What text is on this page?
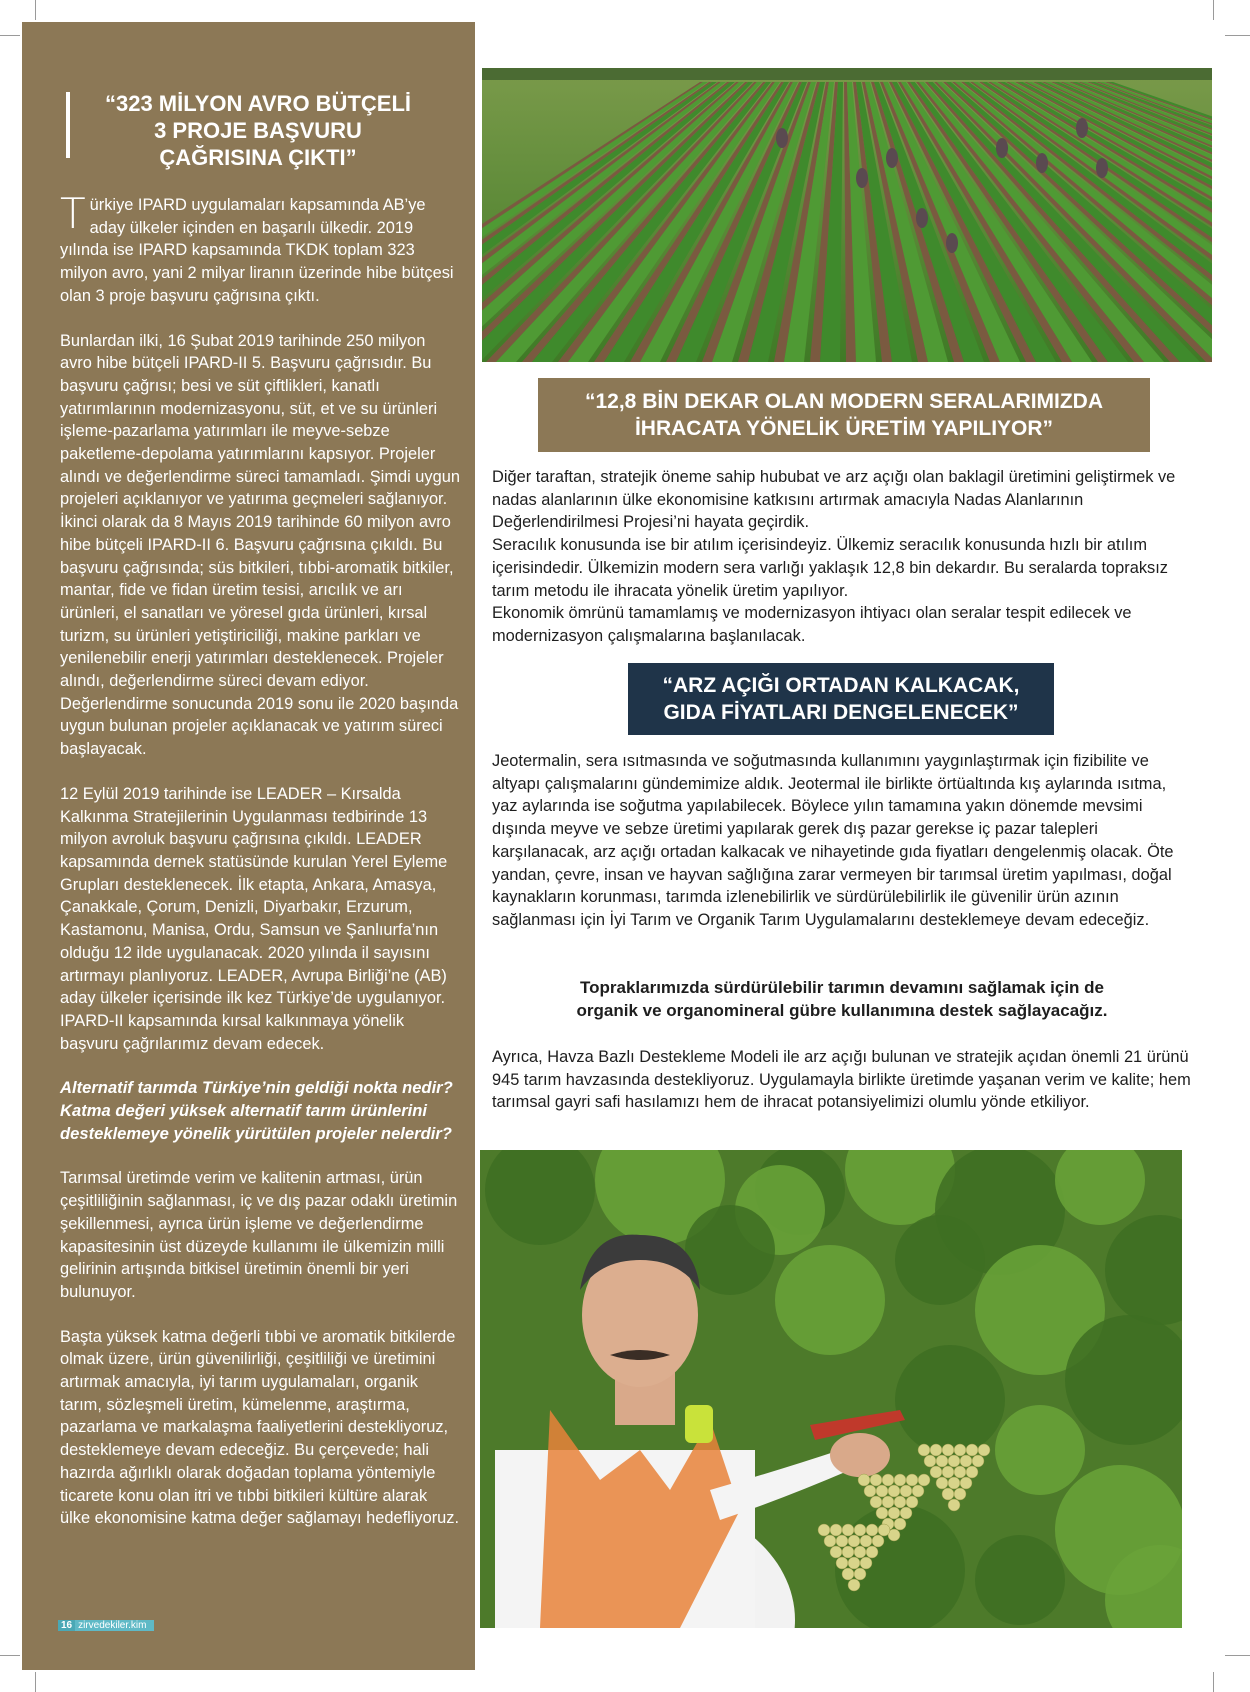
“323 MİLYON AVRO BÜTÇELİ
3 PROJE BAŞVURU
ÇAĞRISINA ÇIKTI”

Türkiye IPARD uygulamaları kapsamında AB’ye aday ülkeler içinden en başarılı ülkedir. 2019 yılında ise IPARD kapsamında TKDK toplam 323 milyon avro, yani 2 milyar liranın üzerinde hibe bütçesi olan 3 proje başvuru çağrısına çıktı.

Bunlardan ilki, 16 Şubat 2019 tarihinde 250 milyon avro hibe bütçeli IPARD-II 5. Başvuru çağrısıdır. Bu başvuru çağrısı; besi ve süt çiftlikleri, kanatlı yatırımlarının modernizasyonu, süt, et ve su ürünleri işleme-pazarlama yatırımları ile meyve-sebze paketleme-depolama yatırımlarını kapsıyor. Projeler alındı ve değerlendirme süreci tamamladı. Şimdi uygun projeleri açıklanıyor ve yatırıma geçmeleri sağlanıyor. İkinci olarak da 8 Mayıs 2019 tarihinde 60 milyon avro hibe bütçeli IPARD-II 6. Başvuru çağrısına çıkıldı. Bu başvuru çağrısında; süs bitkileri, tıbbi-aromatik bitkiler, mantar, fide ve fidan üretim tesisi, arıcılık ve arı ürünleri, el sanatları ve yöresel gıda ürünleri, kırsal turizm, su ürünleri yetiştiriciliği, makine parkları ve yenilenebilir enerji yatırımları desteklenecek. Projeler alındı, değerlendirme süreci devam ediyor. Değerlendirme sonucunda 2019 sonu ile 2020 başında uygun bulunan projeler açıklanacak ve yatırım süreci başlayacak.

12 Eylül 2019 tarihinde ise LEADER – Kırsalda Kalkınma Stratejilerinin Uygulanması tedbirinde 13 milyon avroluk başvuru çağrısına çıkıldı. LEADER kapsamında dernek statüsünde kurulan Yerel Eyleme Grupları desteklenecek. İlk etapta, Ankara, Amasya, Çanakkale, Çorum, Denizli, Diyarbakır, Erzurum, Kastamonu, Manisa, Ordu, Samsun ve Şanlıurfa’nın olduğu 12 ilde uygulanacak. 2020 yılında il sayısını artırmayı planlıyoruz. LEADER, Avrupa Birliği’ne (AB) aday ülkeler içerisinde ilk kez Türkiye’de uygulanıyor. IPARD-II kapsamında kırsal kalkınmaya yönelik başvuru çağrılarımız devam edecek.

Alternatif tarımda Türkiye’nin geldiği nokta nedir? Katma değeri yüksek alternatif tarım ürünlerini desteklemeye yönelik yürütülen projeler nelerdir?

Tarımsal üretimde verim ve kalitenin artması, ürün çeşitliliğinin sağlanması, iç ve dış pazar odaklı üretimin şekillenmesi, ayrıca ürün işleme ve değerlendirme kapasitesinin üst düzeyde kullanımı ile ülkemizin milli gelirinin artışında bitkisel üretimin önemli bir yeri bulunuyor.

Başta yüksek katma değerli tıbbi ve aromatik bitkilerde olmak üzere, ürün güvenilirliği, çeşitliliği ve üretimini artırmak amacıyla, iyi tarım uygulamaları, organik tarım, sözleşmeli üretim, kümelenme, araştırma, pazarlama ve markalaşma faaliyetlerini destekliyoruz, desteklemeye devam edeceğiz. Bu çerçevede; hali hazırda ağırlıklı olarak doğadan toplama yöntemiyle ticarete konu olan itri ve tıbbi bitkileri kültüre alarak ülke ekonomisine katma değer sağlamayı hedefliyoruz.

16 zirvedekiler.kim
“12,8 BİN DEKAR OLAN MODERN SERALARIMIZDA
İHRACATA YÖNELİK ÜRETİM YAPILIYOR”

Diğer taraftan, stratejik öneme sahip hububat ve arz açığı olan baklagil üretimini geliştirmek ve nadas alanlarının ülke ekonomisine katkısını artırmak amacıyla Nadas Alanlarının Değerlendirilmesi Projesi’ni hayata geçirdik.

Seracılık konusunda ise bir atılım içerisindeyiz. Ülkemiz seracılık konusunda hızlı bir atılım içerisindedir. Ülkemizin modern sera varlığı yaklaşık 12,8 bin dekardır. Bu seralarda topraksız tarım metodu ile ihracata yönelik üretim yapılıyor.

Ekonomik ömrünü tamamlamış ve modernizasyon ihtiyacı olan seralar tespit edilecek ve modernizasyon çalışmalarına başlanılacak.

“ARZ AÇIĞI ORTADAN KALKACAK,
GIDA FİYATLARI DENGELENECEK”

Jeotermalin, sera ısıtmasında ve soğutmasında kullanımını yaygınlaştırmak için fizibilite ve altyapı çalışmalarını gündemimize aldık. Jeotermal ile birlikte örtüaltında kış aylarında ısıtma, yaz aylarında ise soğutma yapılabilecek. Böylece yılın tamamına yakın dönemde mevsimi dışında meyve ve sebze üretimi yapılarak gerek dış pazar gerekse iç pazar talepleri karşılanacak, arz açığı ortadan kalkacak ve nihayetinde gıda fiyatları dengelenmiş olacak. Öte yandan, çevre, insan ve hayvan sağlığına zarar vermeyen bir tarımsal üretim yapılması, doğal kaynakların korunması, tarımda izlenebilirlik ve sürdürülebilirlik ile güvenilir ürün azının sağlanması için İyi Tarım ve Organik Tarım Uygulamalarını desteklemeye devam edeceğiz.

Topraklarımızda sürdürülebilir tarımın devamını sağlamak için de
organik ve organomineral gübre kullanımına destek sağlayacağız.

Ayrıca, Havza Bazlı Destekleme Modeli ile arz açığı bulunan ve stratejik açıdan önemli 21 ürünü 945 tarım havzasında destekliyoruz. Uygulamayla birlikte üretimde yaşanan verim ve kalite; hem tarımsal gayri safi hasılamızı hem de ihracat potansiyelimizi olumlu yönde etkiliyor.
